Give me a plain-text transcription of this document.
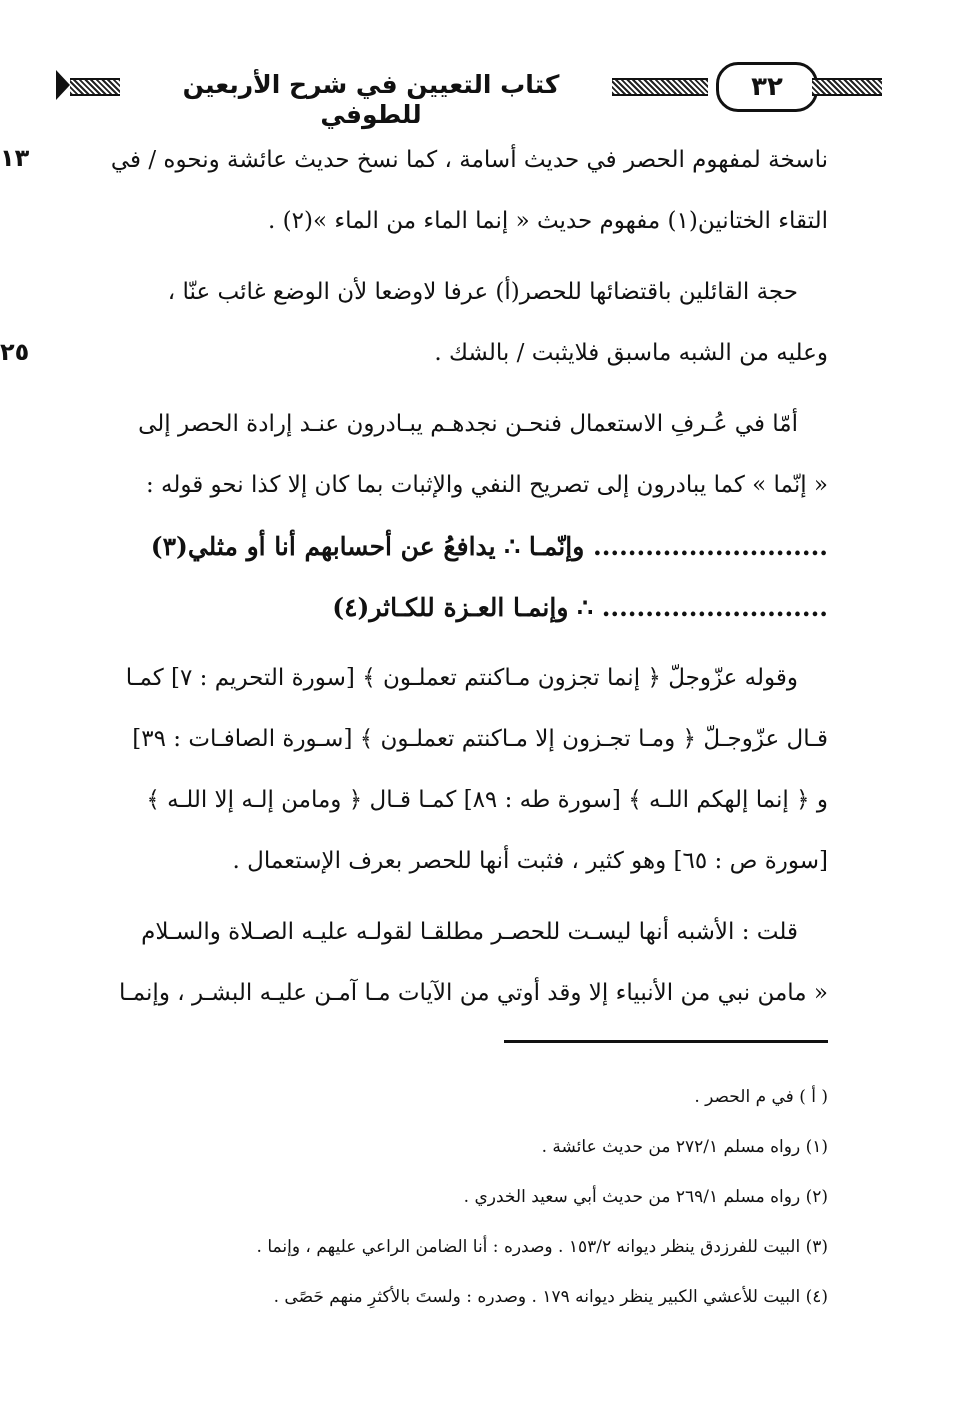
كتاب التعيين في شرح الأربعين للطوفي
٣٢
١٣
٢٥
ناسخة لمفهوم الحصر في حديث أسامة ، كما نسخ حديث عائشة ونحوه / في
التقاء الختانين(١) مفهوم حديث « إنما الماء من الماء »(٢) .
حجة القائلين باقتضائها للحصر(أ) عرفا لاوضعا لأن الوضع غائب عنّا ،
وعليه من الشبه ماسبق فلايثبت / بالشك .
أمّا في عُـرفِ الاستعمال فنحـن نجدهـم يبـادرون عنـد إرادة الحصر إلى
« إنّما » كما يبادرون إلى تصريح النفي والإثبات بما كان إلا كذا نحو قوله :
........................... وإنّمـا ∴ يدافعُ عن أحسابهم أنا أو مثلي(٣)
.......................... ∴ وإنمـا العـزة للكـاثر(٤)
وقوله عزّوجلّ ﴿ إنما تجزون مـاكنتم تعملـون ﴾ [سورة التحريم : ٧] كمـا
قـال عزّوجـلّ ﴿ ومـا تجـزون إلا مـاكنتم تعملـون ﴾ [سـورة الصافـات : ٣٩]
و ﴿ إنما إلهكم اللـه ﴾ [سورة طه : ٨٩] كمـا قـال ﴿ ومامن إلـه إلا اللـه ﴾
[سورة ص : ٦٥] وهو كثير ، فثبت أنها للحصر بعرف الإستعمال .
قلت : الأشبه أنها ليسـت للحصـر مطلقـا لقولـه عليـه الصـلاة والسـلام
« مامن نبي من الأنبياء إلا وقد أوتي من الآيات مـا آمـن عليـه البشـر ، وإنمـا
( أ ) في م الحصر .
(١) رواه مسلم ٢٧٢/١ من حديث عائشة .
(٢) رواه مسلم ٢٦٩/١ من حديث أبي سعيد الخدري .
(٣) البيت للفرزدق ينظر ديوانه ١٥٣/٢ . وصدره : أنا الضامن الراعي عليهم ، وإنما .
(٤) البيت للأعشي الكبير ينظر ديوانه ١٧٩ . وصدره : ولستَ بالأكثرِ منهم حَصًى .
